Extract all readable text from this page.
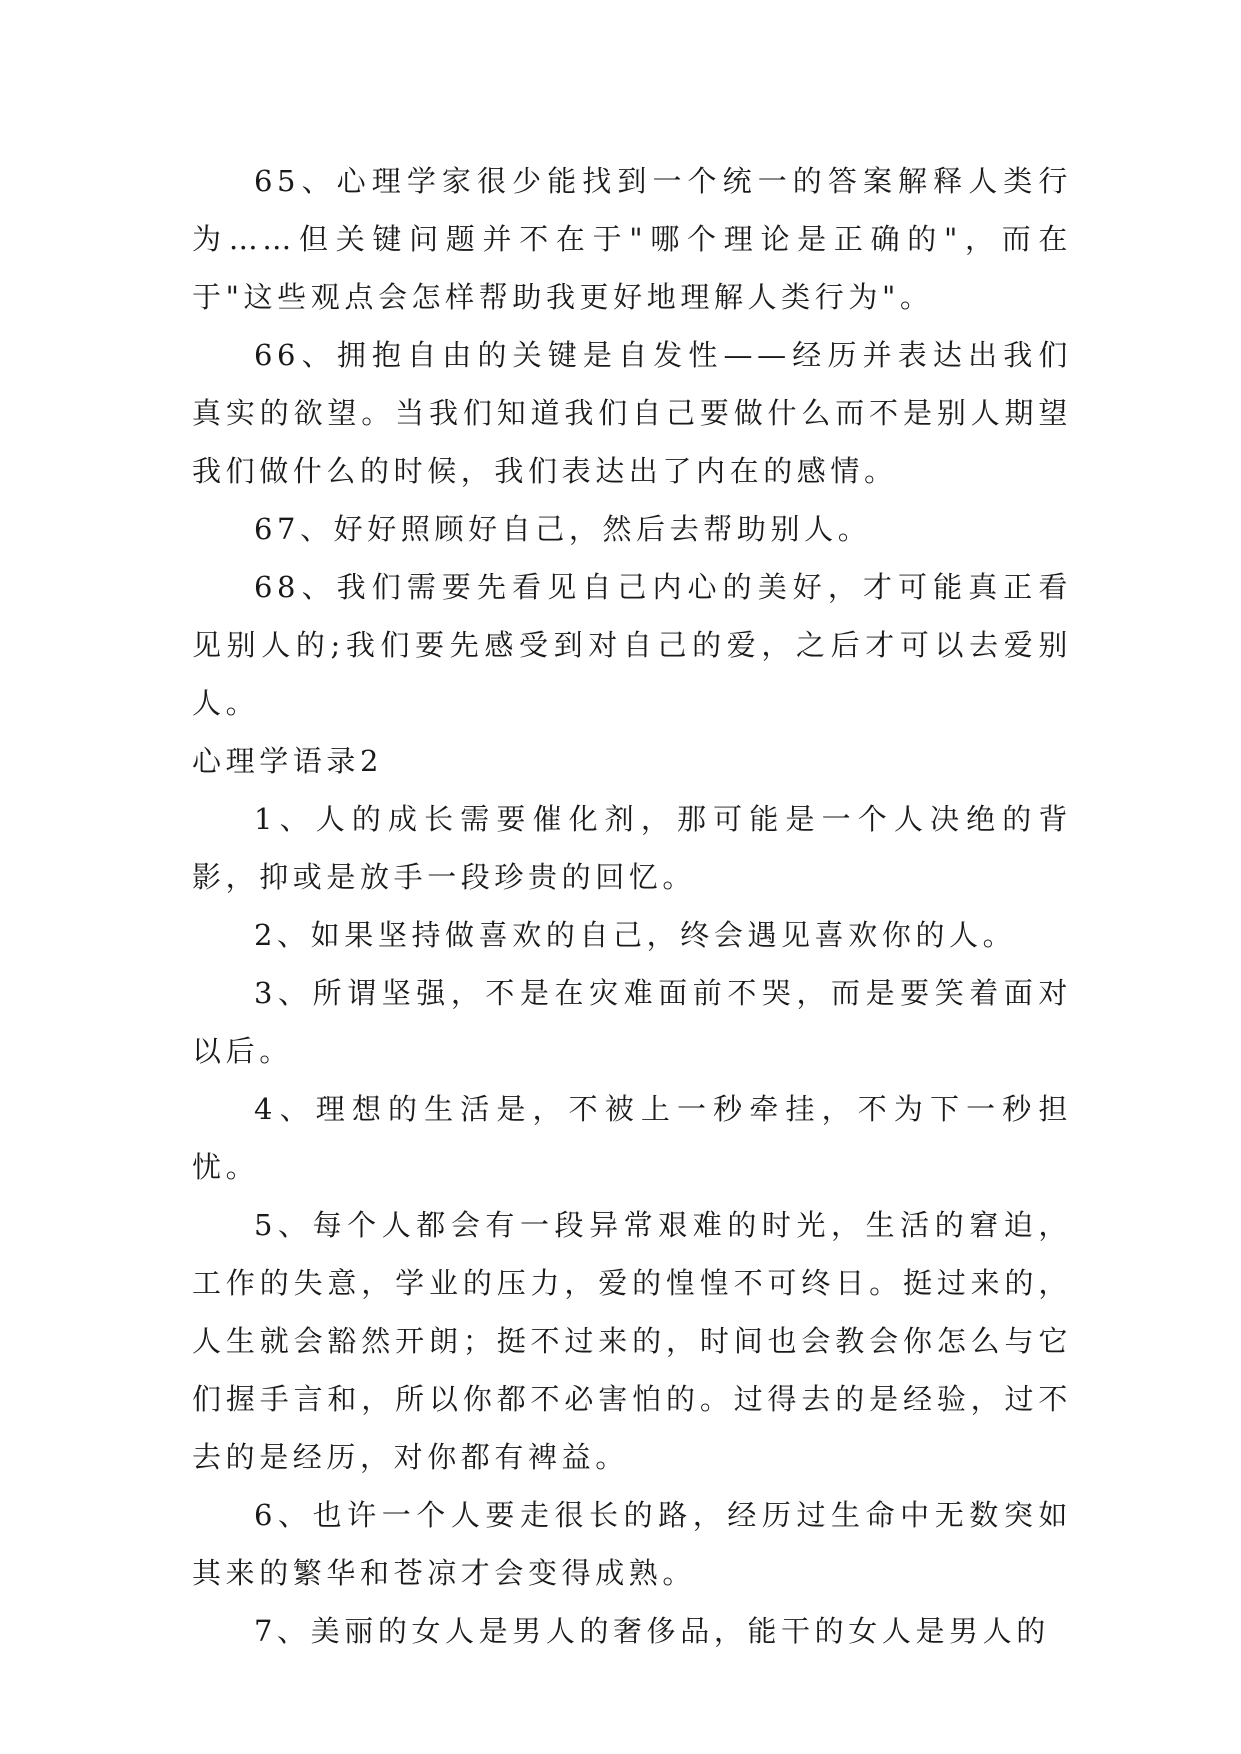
65、心理学家很少能找到一个统一的答案解释人类行为……但关键问题并不在于"哪个理论是正确的"，而在于"这些观点会怎样帮助我更好地理解人类行为"。

66、拥抱自由的关键是自发性——经历并表达出我们真实的欲望。当我们知道我们自己要做什么而不是别人期望我们做什么的时候，我们表达出了内在的感情。

67、好好照顾好自己，然后去帮助别人。

68、我们需要先看见自己内心的美好，才可能真正看见别人的;我们要先感受到对自己的爱，之后才可以去爱别人。

心理学语录2

1、人的成长需要催化剂，那可能是一个人决绝的背影，抑或是放手一段珍贵的回忆。

2、如果坚持做喜欢的自己，终会遇见喜欢你的人。

3、所谓坚强，不是在灾难面前不哭，而是要笑着面对以后。

4、理想的生活是，不被上一秒牵挂，不为下一秒担忧。

5、每个人都会有一段异常艰难的时光，生活的窘迫，工作的失意，学业的压力，爱的惶惶不可终日。挺过来的，人生就会豁然开朗；挺不过来的，时间也会教会你怎么与它们握手言和，所以你都不必害怕的。过得去的是经验，过不去的是经历，对你都有裨益。

6、也许一个人要走很长的路，经历过生命中无数突如其来的繁华和苍凉才会变得成熟。

7、美丽的女人是男人的奢侈品，能干的女人是男人的
